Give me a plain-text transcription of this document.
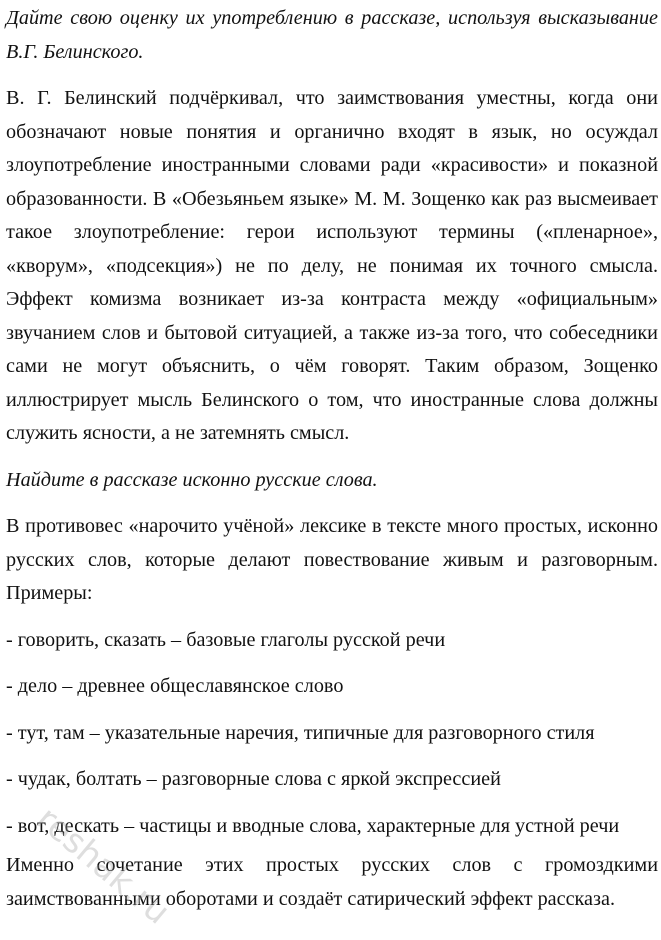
Дайте свою оценку их употреблению в рассказе, используя высказывание В.Г. Белинского.

В. Г. Белинский подчёркивал, что заимствования уместны, когда они обозначают новые понятия и органично входят в язык, но осуждал злоупотребление иностранными словами ради «красивости» и показной образованности. В «Обезьяньем языке» М. М. Зощенко как раз высмеивает такое злоупотребление: герои используют термины («пленарное», «кворум», «подсекция») не по делу, не понимая их точного смысла. Эффект комизма возникает из-за контраста между «официальным» звучанием слов и бытовой ситуацией, а также из-за того, что собеседники сами не могут объяснить, о чём говорят. Таким образом, Зощенко иллюстрирует мысль Белинского о том, что иностранные слова должны служить ясности, а не затемнять смысл.

Найдите в рассказе исконно русские слова.

В противовес «нарочито учёной» лексике в тексте много простых, исконно русских слов, которые делают повествование живым и разговорным. Примеры:

- говорить, сказать – базовые глаголы русской речи

- дело – древнее общеславянское слово

- тут, там – указательные наречия, типичные для разговорного стиля

- чудак, болтать – разговорные слова с яркой экспрессией

- вот, дескать – частицы и вводные слова, характерные для устной речи

Именно сочетание этих простых русских слов с громоздкими заимствованными оборотами и создаёт сатирический эффект рассказа.

reshak.ru
